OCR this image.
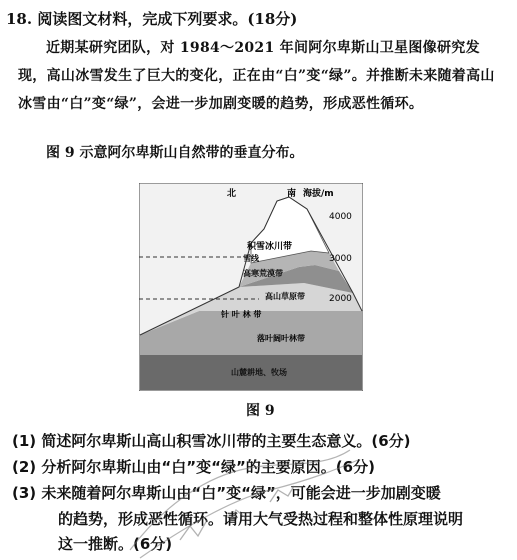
18. 阅读图文材料，完成下列要求。(18分)
近期某研究团队，对 1984～2021 年间阿尔卑斯山卫星图像研究发现，高山冰雪发生了巨大的变化，正在由“白”变“绿”。并推断未来随着高山冰雪由“白”变“绿”，会进一步加剧变暖的趋势，形成恶性循环。
图 9 示意阿尔卑斯山自然带的垂直分布。
北	南 海拔/m
4000
3000
2000
积雪冰川带
雪线
高寒荒漠带
高山草原带
针 叶 林 带
落叶阔叶林带
山麓耕地、牧场
图 9
(1) 简述阿尔卑斯山高山积雪冰川带的主要生态意义。(6分)
(2) 分析阿尔卑斯山由“白”变“绿”的主要原因。(6分)
(3) 未来随着阿尔卑斯山由“白”变“绿”，可能会进一步加剧变暖
的趋势，形成恶性循环。请用大气受热过程和整体性原理说明
这一推断。(6分)
